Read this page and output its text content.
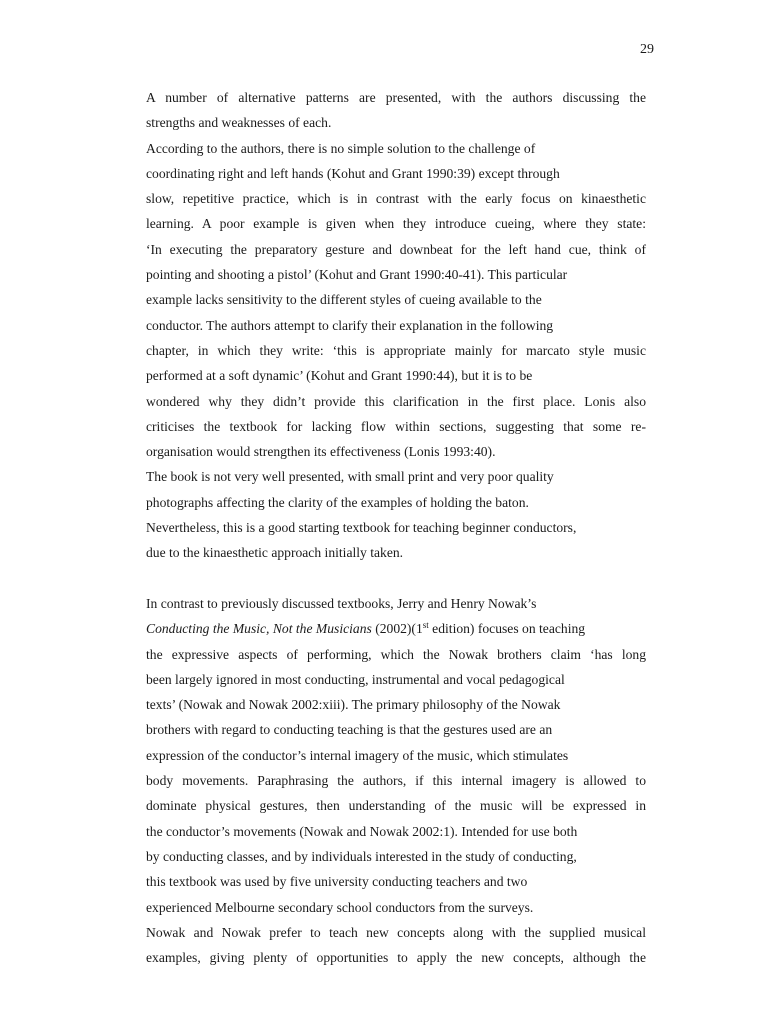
29
A number of alternative patterns are presented, with the authors discussing the
strengths and weaknesses of each.
According to the authors, there is no simple solution to the challenge of
coordinating right and left hands (Kohut and Grant 1990:39) except through
slow, repetitive practice, which is in contrast with the early focus on kinaesthetic
learning. A poor example is given when they introduce cueing, where they state:
‘In executing the preparatory gesture and downbeat for the left hand cue, think of
pointing and shooting a pistol’ (Kohut and Grant 1990:40-41). This particular
example lacks sensitivity to the different styles of cueing available to the
conductor. The authors attempt to clarify their explanation in the following
chapter, in which they write: ‘this is appropriate mainly for marcato style music
performed at a soft dynamic’ (Kohut and Grant 1990:44), but it is to be
wondered why they didn’t provide this clarification in the first place. Lonis also
criticises the textbook for lacking flow within sections, suggesting that some re-
organisation would strengthen its effectiveness (Lonis 1993:40).
The book is not very well presented, with small print and very poor quality
photographs affecting the clarity of the examples of holding the baton.
Nevertheless, this is a good starting textbook for teaching beginner conductors,
due to the kinaesthetic approach initially taken.
In contrast to previously discussed textbooks, Jerry and Henry Nowak’s
Conducting the Music, Not the Musicians (2002)(1st edition) focuses on teaching
the expressive aspects of performing, which the Nowak brothers claim ‘has long
been largely ignored in most conducting, instrumental and vocal pedagogical
texts’ (Nowak and Nowak 2002:xiii). The primary philosophy of the Nowak
brothers with regard to conducting teaching is that the gestures used are an
expression of the conductor’s internal imagery of the music, which stimulates
body movements. Paraphrasing the authors, if this internal imagery is allowed to
dominate physical gestures, then understanding of the music will be expressed in
the conductor’s movements (Nowak and Nowak 2002:1). Intended for use both
by conducting classes, and by individuals interested in the study of conducting,
this textbook was used by five university conducting teachers and two
experienced Melbourne secondary school conductors from the surveys.
Nowak and Nowak prefer to teach new concepts along with the supplied musical
examples, giving plenty of opportunities to apply the new concepts, although the
